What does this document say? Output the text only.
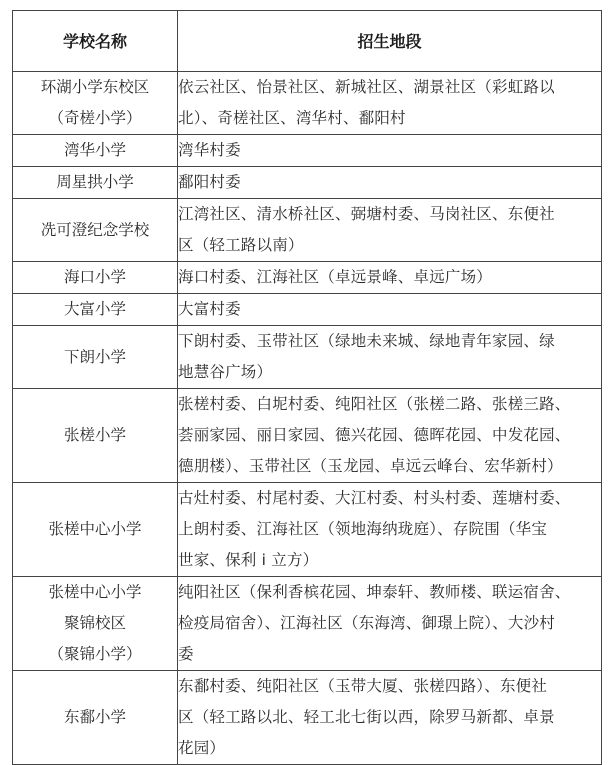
学校名称	招生地段

环湖小学东校区
（奇槎小学）	依云社区、怡景社区、新城社区、湖景社区（彩虹路以
北）、奇槎社区、湾华村、鄱阳村

湾华小学	湾华村委

周星拱小学	鄱阳村委

冼可澄纪念学校	江湾社区、清水桥社区、弼塘村委、马岗社区、东便社
区（轻工路以南）

海口小学	海口村委、江海社区（卓远景峰、卓远广场）

大富小学	大富村委

下朗小学	下朗村委、玉带社区（绿地未来城、绿地青年家园、绿
地慧谷广场）

张槎小学	张槎村委、白坭村委、纯阳社区（张槎二路、张槎三路、
荟丽家园、丽日家园、德兴花园、德晖花园、中发花园、
德朋楼）、玉带社区（玉龙园、卓远云峰台、宏华新村）

张槎中心小学	古灶村委、村尾村委、大江村委、村头村委、莲塘村委、
上朗村委、江海社区（领地海纳珑庭）、存院围（华宝
世家、保利 i 立方）

张槎中心小学
聚锦校区
（聚锦小学）	纯阳社区（保利香槟花园、坤泰轩、教师楼、联运宿舍、
检疫局宿舍）、江海社区（东海湾、御璟上院）、大沙村
委

东鄱小学	东鄱村委、纯阳社区（玉带大厦、张槎四路）、东便社
区（轻工路以北、轻工北七街以西，除罗马新都、卓景
花园）
